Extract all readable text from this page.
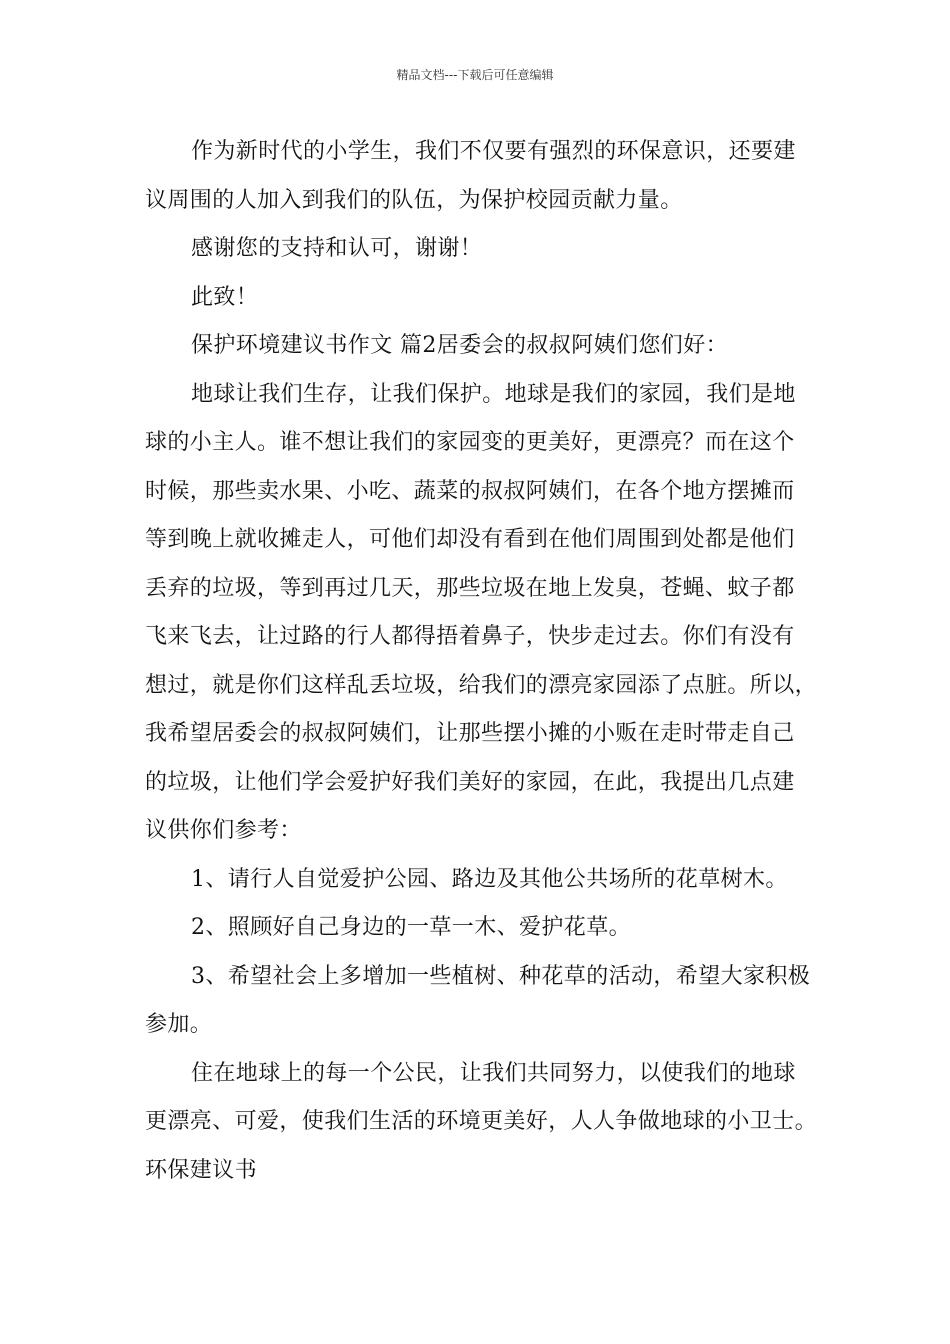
精品文档---下载后可任意编辑

作为新时代的小学生，我们不仅要有强烈的环保意识，还要建

议周围的人加入到我们的队伍，为保护校园贡献力量。

感谢您的支持和认可，谢谢！

此致！

保护环境建议书作文 篇2居委会的叔叔阿姨们您们好：

地球让我们生存，让我们保护。地球是我们的家园，我们是地

球的小主人。谁不想让我们的家园变的更美好，更漂亮？而在这个

时候，那些卖水果、小吃、蔬菜的叔叔阿姨们，在各个地方摆摊而

等到晚上就收摊走人，可他们却没有看到在他们周围到处都是他们

丢弃的垃圾，等到再过几天，那些垃圾在地上发臭，苍蝇、蚊子都

飞来飞去，让过路的行人都得捂着鼻子，快步走过去。你们有没有

想过，就是你们这样乱丢垃圾，给我们的漂亮家园添了点脏。所以，

我希望居委会的叔叔阿姨们，让那些摆小摊的小贩在走时带走自己

的垃圾，让他们学会爱护好我们美好的家园，在此，我提出几点建

议供你们参考：

1、请行人自觉爱护公园、路边及其他公共场所的花草树木。

2、照顾好自己身边的一草一木、爱护花草。

3、希望社会上多增加一些植树、种花草的活动，希望大家积极

参加。

住在地球上的每一个公民，让我们共同努力，以使我们的地球

更漂亮、可爱，使我们生活的环境更美好，人人争做地球的小卫士。

环保建议书
